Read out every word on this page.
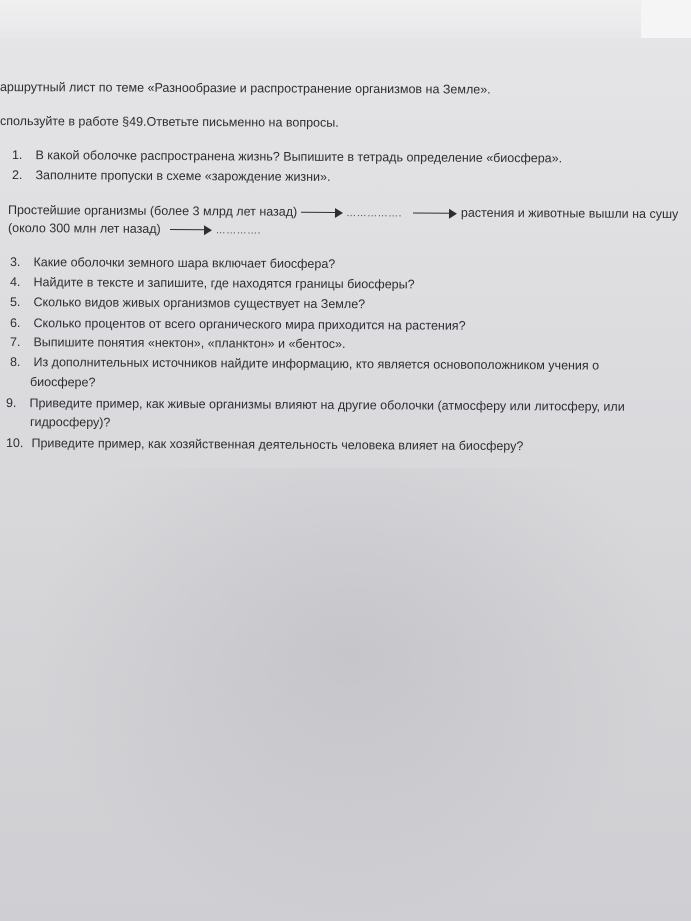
аршрутный лист по теме «Разнообразие и распространение организмов на Земле».
спользуйте в работе §49.Ответьте письменно на вопросы.
1. В какой оболочке распространена жизнь? Выпишите в тетрадь определение «биосфера».
2. Заполните пропуски в схеме «зарождение жизни».
Простейшие организмы (более 3 млрд лет назад)	…………….	растения и животные вышли на сушу
(около 300 млн лет назад)	………….
3. Какие оболочки земного шара включает биосфера?
4. Найдите в тексте и запишите, где находятся границы биосферы?
5. Сколько видов живых организмов существует на Земле?
6. Сколько процентов от всего органического мира приходится на растения?
7. Выпишите понятия «нектон», «планктон» и «бентос».
8. Из дополнительных источников найдите информацию, кто является основоположником учения о
биосфере?
9. Приведите пример, как живые организмы влияют на другие оболочки (атмосферу или литосферу, или
гидросферу)?
10. Приведите пример, как хозяйственная деятельность человека влияет на биосферу?
